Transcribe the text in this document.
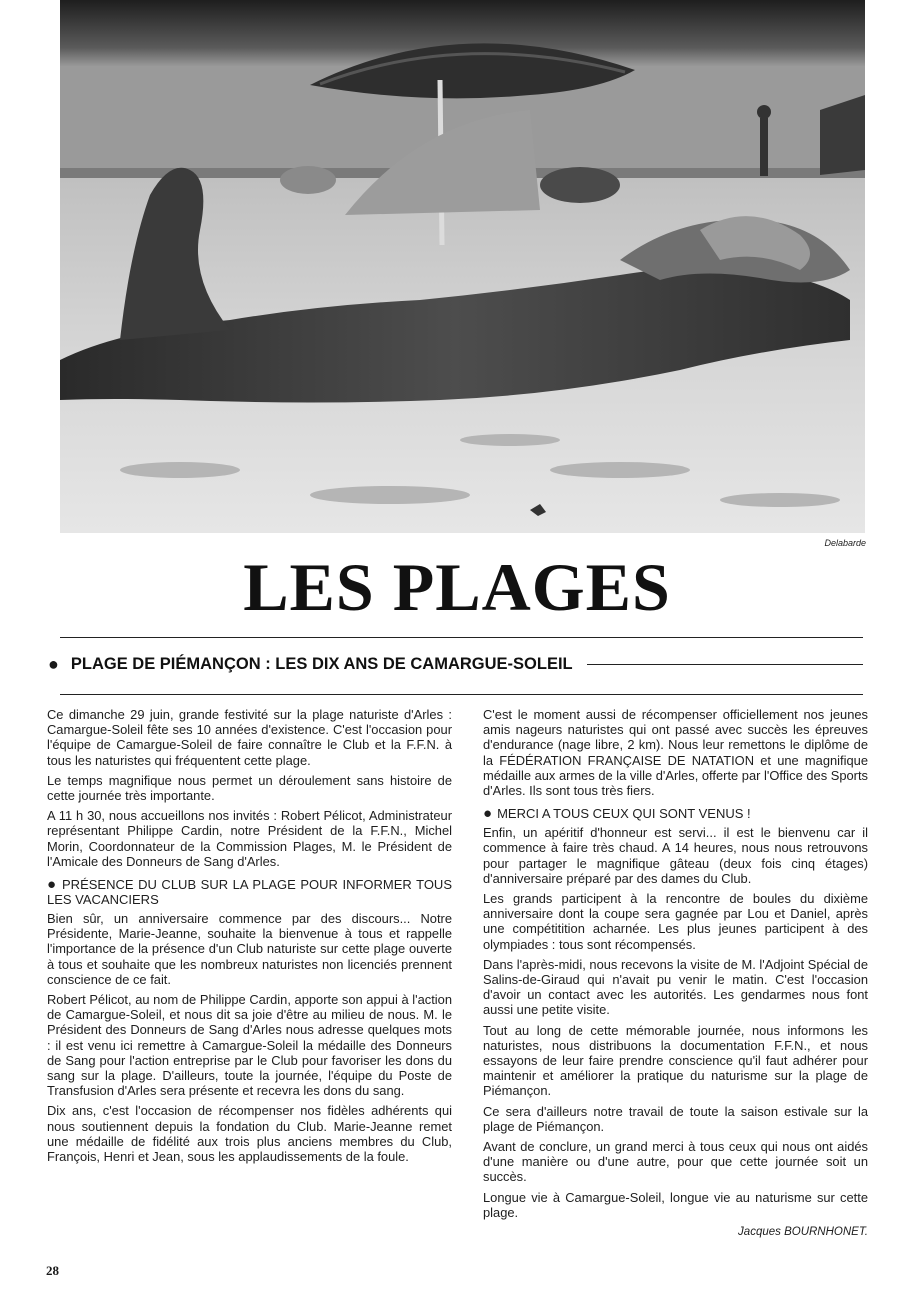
Delabarde
LES PLAGES
● PLAGE DE PIÉMANÇON : LES DIX ANS DE CAMARGUE-SOLEIL

Ce dimanche 29 juin, grande festivité sur la plage naturiste d'Arles : Camargue-Soleil fête ses 10 années d'existence. C'est l'occasion pour l'équipe de Camargue-Soleil de faire connaître le Club et la F.F.N. à tous les naturistes qui fréquentent cette plage.

Le temps magnifique nous permet un déroulement sans histoire de cette journée très importante.

A 11 h 30, nous accueillons nos invités : Robert Pélicot, Administrateur représentant Philippe Cardin, notre Président de la F.F.N., Michel Morin, Coordonnateur de la Commission Plages, M. le Président de l'Amicale des Donneurs de Sang d'Arles.

● PRÉSENCE DU CLUB SUR LA PLAGE POUR INFORMER TOUS LES VACANCIERS

Bien sûr, un anniversaire commence par des discours... Notre Présidente, Marie-Jeanne, souhaite la bienvenue à tous et rappelle l'importance de la présence d'un Club naturiste sur cette plage ouverte à tous et souhaite que les nombreux naturistes non licenciés prennent conscience de ce fait.

Robert Pélicot, au nom de Philippe Cardin, apporte son appui à l'action de Camargue-Soleil, et nous dit sa joie d'être au milieu de nous. M. le Président des Donneurs de Sang d'Arles nous adresse quelques mots : il est venu ici remettre à Camargue-Soleil la médaille des Donneurs de Sang pour l'action entreprise par le Club pour favoriser les dons du sang sur la plage. D'ailleurs, toute la journée, l'équipe du Poste de Transfusion d'Arles sera présente et recevra les dons du sang.

Dix ans, c'est l'occasion de récompenser nos fidèles adhérents qui nous soutiennent depuis la fondation du Club. Marie-Jeanne remet une médaille de fidélité aux trois plus anciens membres du Club, François, Henri et Jean, sous les applaudissements de la foule.

C'est le moment aussi de récompenser officiellement nos jeunes amis nageurs naturistes qui ont passé avec succès les épreuves d'endurance (nage libre, 2 km). Nous leur remettons le diplôme de la FÉDÉRATION FRANÇAISE DE NATATION et une magnifique médaille aux armes de la ville d'Arles, offerte par l'Office des Sports d'Arles. Ils sont tous très fiers.

● MERCI A TOUS CEUX QUI SONT VENUS !

Enfin, un apéritif d'honneur est servi... il est le bienvenu car il commence à faire très chaud. A 14 heures, nous nous retrouvons pour partager le magnifique gâteau (deux fois cinq étages) d'anniversaire préparé par des dames du Club.

Les grands participent à la rencontre de boules du dixième anniversaire dont la coupe sera gagnée par Lou et Daniel, après une compétitition acharnée. Les plus jeunes participent à des olympiades : tous sont récompensés.

Dans l'après-midi, nous recevons la visite de M. l'Adjoint Spécial de Salins-de-Giraud qui n'avait pu venir le matin. C'est l'occasion d'avoir un contact avec les autorités. Les gendarmes nous font aussi une petite visite.

Tout au long de cette mémorable journée, nous informons les naturistes, nous distribuons la documentation F.F.N., et nous essayons de leur faire prendre conscience qu'il faut adhérer pour maintenir et améliorer la pratique du naturisme sur la plage de Piémançon.

Ce sera d'ailleurs notre travail de toute la saison estivale sur la plage de Piémançon.

Avant de conclure, un grand merci à tous ceux qui nous ont aidés d'une manière ou d'une autre, pour que cette journée soit un succès.

Longue vie à Camargue-Soleil, longue vie au naturisme sur cette plage.

Jacques BOURNHONET.
28
